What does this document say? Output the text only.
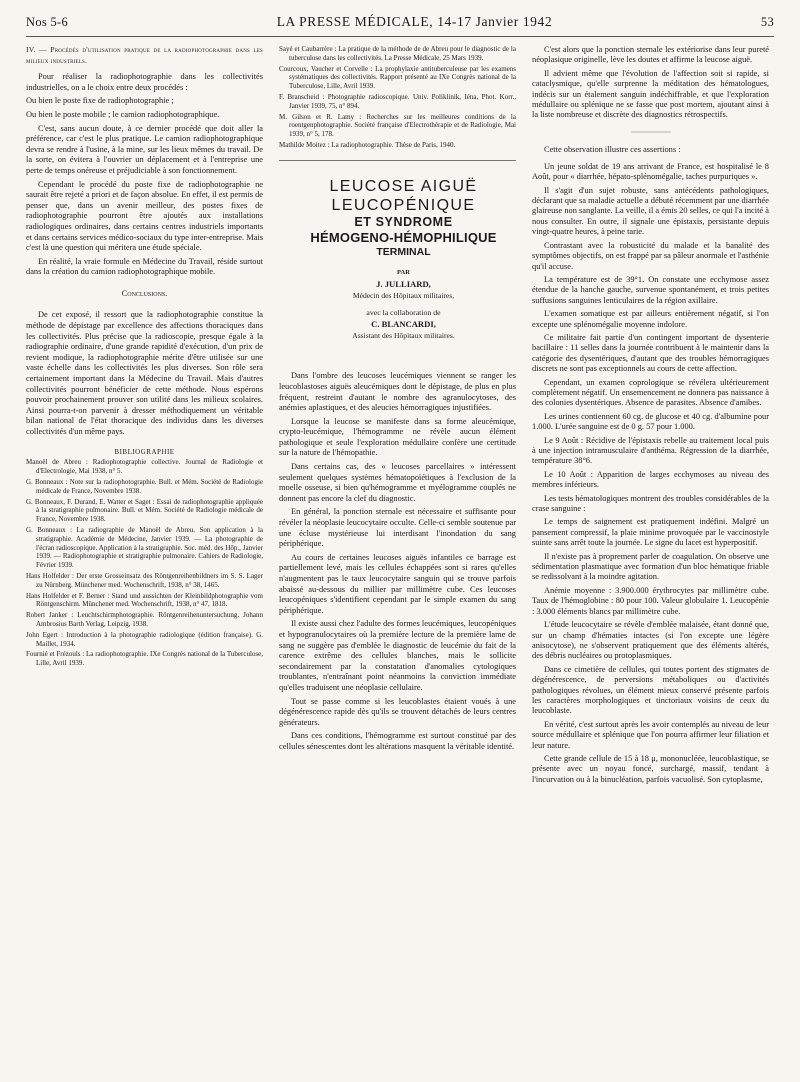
Nos 5-6	LA PRESSE MÉDICALE, 14-17 Janvier 1942	53

IV. — Procédés d'utilisation pratique de la radiophotographie dans les milieux industriels.

Pour réaliser la radiophotographie dans les collectivités industrielles, on a le choix entre deux procédés :

Ou bien le poste fixe de radiophotographie ;

Ou bien le poste mobile ; le camion radiophotographique.

C'est, sans aucun doute, à ce dernier procédé que doit aller la préférence, car c'est le plus pratique. Le camion radiophotographique devra se rendre à l'usine, à la mine, sur les lieux mêmes du travail. De la sorte, on évitera à l'ouvrier un déplacement et à l'entreprise une perte de temps onéreuse et préjudiciable à son fonctionnement.

Cependant le procédé du poste fixe de radiophotographie ne saurait être rejeté a priori et de façon absolue. En effet, il est permis de penser que, dans un avenir meilleur, des postes fixes de radiophotographie pourront être ajoutés aux installations radiologiques ordinaires, dans certains centres industriels importants et dans certains services médico-sociaux du type inter-entreprise. Mais c'est là une question qui méritera une étude spéciale.

En réalité, la vraie formule en Médecine du Travail, réside surtout dans la création du camion radiophotographique mobile.

Conclusions.

De cet exposé, il ressort que la radiophotographie constitue la méthode de dépistage par excellence des affections thoraciques dans les collectivités. Plus précise que la radioscopie, presque égale à la radiographie ordinaire, d'une grande rapidité d'exécution, d'un prix de revient modique, la radiophotographie mérite d'être utilisée sur une vaste échelle dans les collectivités les plus diverses. Son rôle sera certainement important dans la Médecine du Travail. Mais d'autres collectivités pourront bénéficier de cette méthode. Nous espérons pouvoir prochainement prouver son utilité dans les milieux scolaires. Ainsi pourra-t-on parvenir à dresser méthodiquement un véritable bilan national de l'état thoracique des individus dans les diverses collectivités d'un même pays.

BIBLIOGRAPHIE

Manoël de Abreu : Radiophotographie collective. Journal de Radiologie et d'Electrologie, Mai 1938, n° 5.

G. Bonneaux : Note sur la radiophotographie. Bull. et Mém. Société de Radiologie médicale de France, Novembre 1938.

G. Bonneaux, F. Durand, E. Watter et Saget : Essai de radiophotographie appliquée à la stratigraphie pulmonaire. Bull. et Mém. Société de Radiologie médicale de France, Novembre 1938.

G. Bonneaux : La radiographie de Manoël de Abreu. Son application à la stratigraphie. Académie de Médecine, Janvier 1939. — La photographie de l'écran radioscopique. Application à la stratigraphie. Soc. méd. des Hôp., Janvier 1939. — Radiophotographie et stratigraphie pulmonaire. Cahiers de Radiologie, Février 1939.

Hans Holfelder : Der erste Grosseinsatz des Röntgenreihenbildners im S. S. Lager zu Nürnberg. Münchener med. Wochenschrift, 1938, n° 38, 1465.

Hans Holfelder et F. Berner : Stand und aussichten der Kleinbildphotographie vom Röntgenschirm. Münchener med. Wochenschrift, 1938, n° 47, 1818.

Robert Janker : Leuchtschirmphotographie. Röntgenreihenuntersuchung. Johann Ambrosius Barth Verlag, Leipzig, 1938.

John Egert : Introduction à la photographie radiologique (édition française). G. Maillet, 1934.

Fournié et Frézouls : La radiophotographie. IXe Congrès national de la Tuberculose, Lille, Avril 1939.

Sayé et Caubarrère : La pratique de la méthode de de Abreu pour le diagnostic de la tuberculose dans les collectivités. La Presse Médicale, 25 Mars 1939.

Courcoux, Vaucher et Corvelle : La prophylaxie antituberculeuse par les examens systématiques des collectivités. Rapport présenté au IXe Congrès national de la Tuberculose, Lille, Avril 1939.

F. Branscheid : Photographie radioscopique. Univ. Poliklinik, Iéna, Phot. Korr., Janvier 1939, 75, n° 894.

M. Gilson et R. Lamy : Recherches sur les meilleures conditions de la roentgenphotographie. Société française d'Electrothérapie et de Radiologie, Mai 1939, n° 5, 178.

Mathilde Moitez : La radiophotographie. Thèse de Paris, 1940.

LEUCOSE AIGUË

LEUCOPÉNIQUE

ET SYNDROME

HÉMOGENO-HÉMOPHILIQUE

TERMINAL

PAR

J. JULLIARD,

Médecin des Hôpitaux militaires,

avec la collaboration de

C. BLANCARDI,

Assistant des Hôpitaux militaires.

Dans l'ombre des leucoses leucémiques viennent se ranger les leucoblastoses aiguës aleucémiques dont le dépistage, de plus en plus fréquent, restreint d'autant le nombre des agranulocytoses, des anémies aplastiques, et des aleucies hémorragiques injustifiées.

Lorsque la leucose se manifeste dans sa forme aleucémique, crypto-leucémique, l'hémogramme ne révèle aucun élément pathologique et seule l'exploration médullaire confère une certitude sur la nature de l'hémopathie.

Dans certains cas, des « leucoses parcellaires » intéressent seulement quelques systèmes hématopoïétiques à l'exclusion de la moelle osseuse, si bien qu'hémogramme et myélogramme couplés ne donnent pas encore la clef du diagnostic.

En général, la ponction sternale est nécessaire et suffisante pour révéler la néoplasie leucocytaire occulte. Celle-ci semble soutenue par une écluse mystérieuse lui interdisant l'inondation du sang périphérique.

Au cours de certaines leucoses aiguës infantiles ce barrage est partiellement levé, mais les cellules échappées sont si rares qu'elles n'augmentent pas le taux leucocytaire sanguin qui se trouve parfois abaissé au-dessous du millier par millimètre cube. Ces leucoses leucopéniques s'identifient cependant par le simple examen du sang périphérique.

Il existe aussi chez l'adulte des formes leucémiques, leucopéniques et hypogranulocytaires où la première lecture de la première lame de sang ne suggère pas d'emblée le diagnostic de leucémie du fait de la carence extrême des cellules blanches, mais le sollicite secondairement par la constatation d'anomalies cytologiques troublantes, n'entraînant point néanmoins la conviction immédiate qu'elles traduisent une néoplasie cellulaire.

Tout se passe comme si les leucoblastes étaient voués à une dégénérescence rapide dès qu'ils se trouvent détachés de leurs centres générateurs.

Dans ces conditions, l'hémogramme est surtout constitué par des cellules sénescentes dont les altérations masquent la véritable identité.

C'est alors que la ponction sternale les extériorise dans leur pureté néoplasique originelle, lève les doutes et affirme la leucose aiguë.

Il advient même que l'évolution de l'affection soit si rapide, si cataclysmique, qu'elle surprenne la méditation des hématologues, indécis sur un étalement sanguin indéchiffrable, et que l'exploration médullaire ou splénique ne se fasse que post mortem, ajoutant ainsi à la liste nombreuse et discrète des diagnostics rétrospectifs.

Cette observation illustre ces assertions :

Un jeune soldat de 19 ans arrivant de France, est hospitalisé le 8 Août, pour « diarrhée, hépato-splénomégalie, taches purpuriques ».

Il s'agit d'un sujet robuste, sans antécédents pathologiques, déclarant que sa maladie actuelle a débuté récemment par une diarrhée glaireuse non sanglante. La veille, il a émis 20 selles, ce qui l'a incité à nous consulter. En outre, il signale une épistaxis, persistante depuis vingt-quatre heures, à peine tarie.

Contrastant avec la robusticité du malade et la banalité des symptômes objectifs, on est frappé par sa pâleur anormale et l'asthénie qu'il accuse.

La température est de 39°1. On constate une ecchymose assez étendue de la hanche gauche, survenue spontanément, et trois petites suffusions sanguines lenticulaires de la région axillaire.

L'examen somatique est par ailleurs entièrement négatif, si l'on excepte une splénomégalie moyenne indolore.

Ce militaire fait partie d'un contingent important de dysenterie bacillaire : 11 selles dans la journée contribuent à le maintenir dans la catégorie des dysentériques, d'autant que des troubles hémorragiques discrets ne sont pas exceptionnels au cours de cette affection.

Cependant, un examen coprologique se révélera ultérieurement complètement négatif. Un ensemencement ne donnera pas naissance à des colonies dysentériques. Absence de parasites. Absence d'amibes.

Les urines contiennent 60 cg. de glucose et 40 cg. d'albumine pour 1.000. L'urée sanguine est de 0 g. 57 pour 1.000.

Le 9 Août : Récidive de l'épistaxis rebelle au traitement local puis à une injection intramusculaire d'anthéma. Régression de la diarrhée, température 38°6.

Le 10 Août : Apparition de larges ecchymoses au niveau des membres inférieurs.

Les tests hématologiques montrent des troubles considérables de la crase sanguine :

Le temps de saignement est pratiquement indéfini. Malgré un pansement compressif, la plaie minime provoquée par le vaccinostyle suinte sans arrêt toute la journée. Le signe du lacet est hyperpositif.

Il n'existe pas à proprement parler de coagulation. On observe une sédimentation plasmatique avec formation d'un bloc hématique friable se redissolvant à la moindre agitation.

Anémie moyenne : 3.900.000 érythrocytes par millimètre cube. Taux de l'hémoglobine : 80 pour 100. Valeur globulaire 1. Leucopénie : 3.000 éléments blancs par millimètre cube.

L'étude leucocytaire se révèle d'emblée malaisée, étant donné que, sur un champ d'hématies intactes (si l'on excepte une légère anisocytose), ne s'observent pratiquement que des éléments altérés, des débris nucléaires ou protoplasmiques.

Dans ce cimetière de cellules, qui toutes portent des stigmates de dégénérescence, de perversions métaboliques ou d'activités pathologiques révolues, un élément mieux conservé présente parfois les caractères morphologiques et tinctoriaux voisins de ceux du leucoblaste.

En vérité, c'est surtout après les avoir contemplés au niveau de leur source médullaire et splénique que l'on pourra affirmer leur filiation et leur nature.

Cette grande cellule de 15 à 18 μ, mononucléée, leucoblastique, se présente avec un noyau foncé, surchargé, massif, tendant à l'incurvation ou à la binucléation, parfois vacuolisé. Son cytoplasme,
